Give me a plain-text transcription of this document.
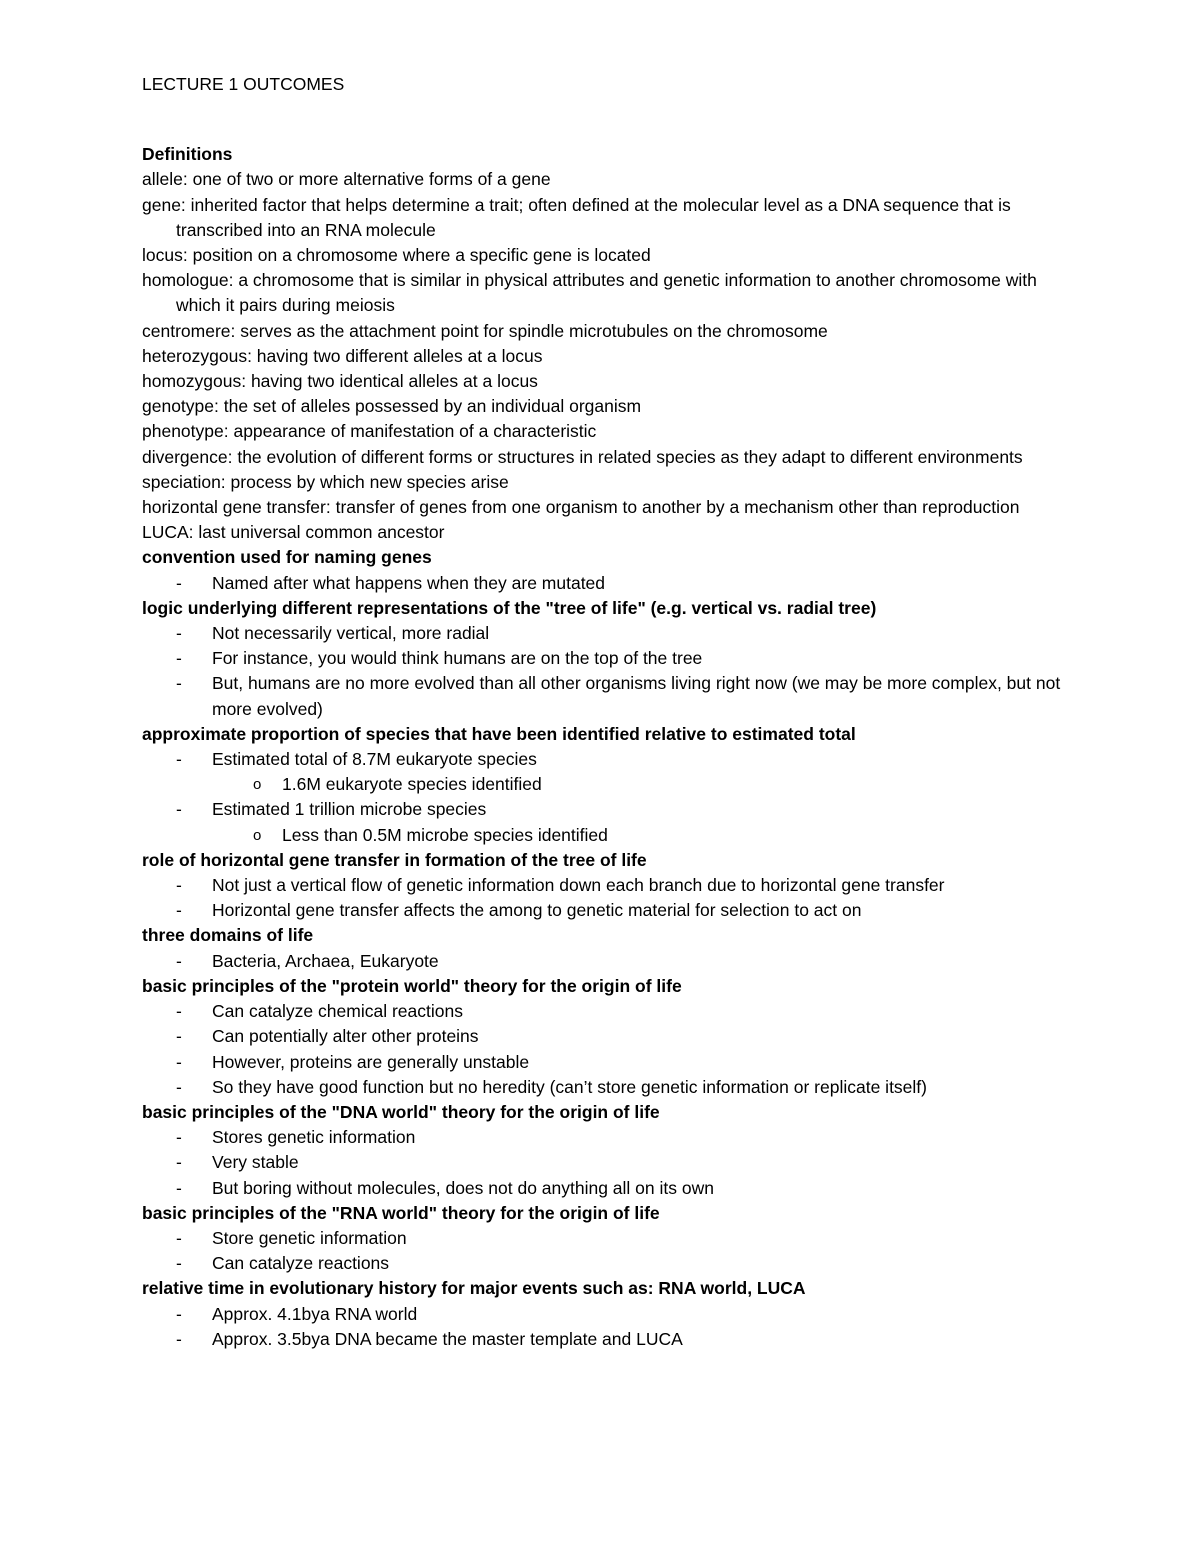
LECTURE 1 OUTCOMES
Definitions
allele: one of two or more alternative forms of a gene
gene: inherited factor that helps determine a trait; often defined at the molecular level as a DNA sequence that is transcribed into an RNA molecule
locus: position on a chromosome where a specific gene is located
homologue: a chromosome that is similar in physical attributes and genetic information to another chromosome with which it pairs during meiosis
centromere: serves as the attachment point for spindle microtubules on the chromosome
heterozygous: having two different alleles at a locus
homozygous: having two identical alleles at a locus
genotype: the set of alleles possessed by an individual organism
phenotype: appearance of manifestation of a characteristic
divergence: the evolution of different forms or structures in related species as they adapt to different environments
speciation: process by which new species arise
horizontal gene transfer: transfer of genes from one organism to another by a mechanism other than reproduction
LUCA: last universal common ancestor
convention used for naming genes
- Named after what happens when they are mutated
logic underlying different representations of the "tree of life" (e.g. vertical vs. radial tree)
- Not necessarily vertical, more radial
- For instance, you would think humans are on the top of the tree
- But, humans are no more evolved than all other organisms living right now (we may be more complex, but not more evolved)
approximate proportion of species that have been identified relative to estimated total
- Estimated total of 8.7M eukaryote species
o 1.6M eukaryote species identified
- Estimated 1 trillion microbe species
o Less than 0.5M microbe species identified
role of horizontal gene transfer in formation of the tree of life
- Not just a vertical flow of genetic information down each branch due to horizontal gene transfer
- Horizontal gene transfer affects the among to genetic material for selection to act on
three domains of life
- Bacteria, Archaea, Eukaryote
basic principles of the "protein world" theory for the origin of life
- Can catalyze chemical reactions
- Can potentially alter other proteins
- However, proteins are generally unstable
- So they have good function but no heredity (can’t store genetic information or replicate itself)
basic principles of the "DNA world" theory for the origin of life
- Stores genetic information
- Very stable
- But boring without molecules, does not do anything all on its own
basic principles of the "RNA world" theory for the origin of life
- Store genetic information
- Can catalyze reactions
relative time in evolutionary history for major events such as: RNA world, LUCA
- Approx. 4.1bya RNA world
- Approx. 3.5bya DNA became the master template and LUCA
